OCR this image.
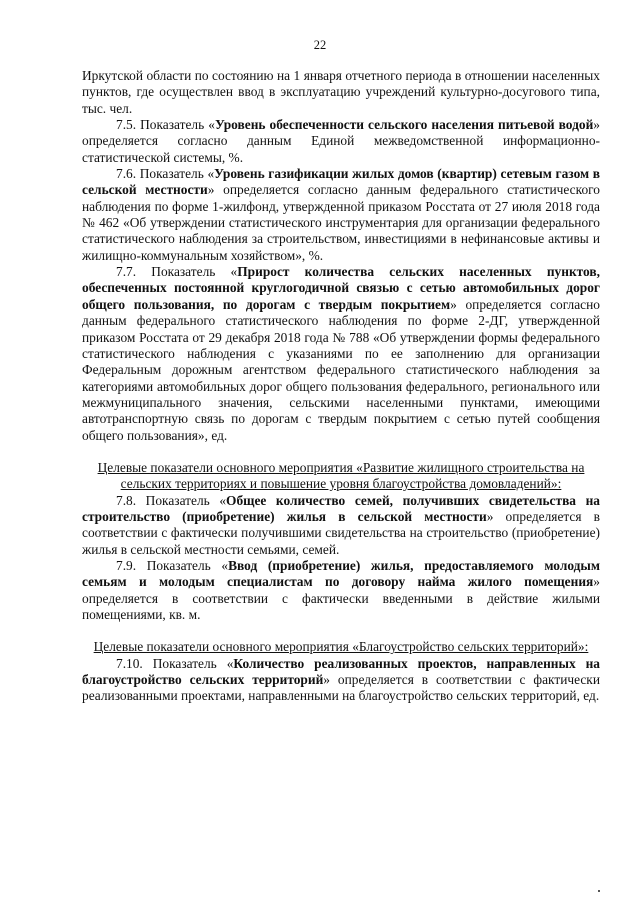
22

Иркутской области по состоянию на 1 января отчетного периода в отношении населенных пунктов, где осуществлен ввод в эксплуатацию учреждений культурно-досугового типа, тыс. чел.

7.5. Показатель «Уровень обеспеченности сельского населения питьевой водой» определяется согласно данным Единой межведомственной информационно-статистической системы, %.

7.6. Показатель «Уровень газификации жилых домов (квартир) сетевым газом в сельской местности» определяется согласно данным федерального статистического наблюдения по форме 1-жилфонд, утвержденной приказом Росстата от 27 июля 2018 года № 462 «Об утверждении статистического инструментария для организации федерального статистического наблюдения за строительством, инвестициями в нефинансовые активы и жилищно-коммунальным хозяйством», %.

7.7. Показатель «Прирост количества сельских населенных пунктов, обеспеченных постоянной круглогодичной связью с сетью автомобильных дорог общего пользования, по дорогам с твердым покрытием» определяется согласно данным федерального статистического наблюдения по форме 2-ДГ, утвержденной приказом Росстата от 29 декабря 2018 года № 788 «Об утверждении формы федерального статистического наблюдения с указаниями по ее заполнению для организации Федеральным дорожным агентством федерального статистического наблюдения за категориями автомобильных дорог общего пользования федерального, регионального или межмуниципального значения, сельскими населенными пунктами, имеющими автотранспортную связь по дорогам с твердым покрытием с сетью путей сообщения общего пользования», ед.

Целевые показатели основного мероприятия «Развитие жилищного строительства на сельских территориях и повышение уровня благоустройства домовладений»:

7.8. Показатель «Общее количество семей, получивших свидетельства на строительство (приобретение) жилья в сельской местности» определяется в соответствии с фактически получившими свидетельства на строительство (приобретение) жилья в сельской местности семьями, семей.

7.9. Показатель «Ввод (приобретение) жилья, предоставляемого молодым семьям и молодым специалистам по договору найма жилого помещения» определяется в соответствии с фактически введенными в действие жилыми помещениями, кв. м.

Целевые показатели основного мероприятия «Благоустройство сельских территорий»:

7.10. Показатель «Количество реализованных проектов, направленных на благоустройство сельских территорий» определяется в соответствии с фактически реализованными проектами, направленными на благоустройство сельских территорий, ед.
